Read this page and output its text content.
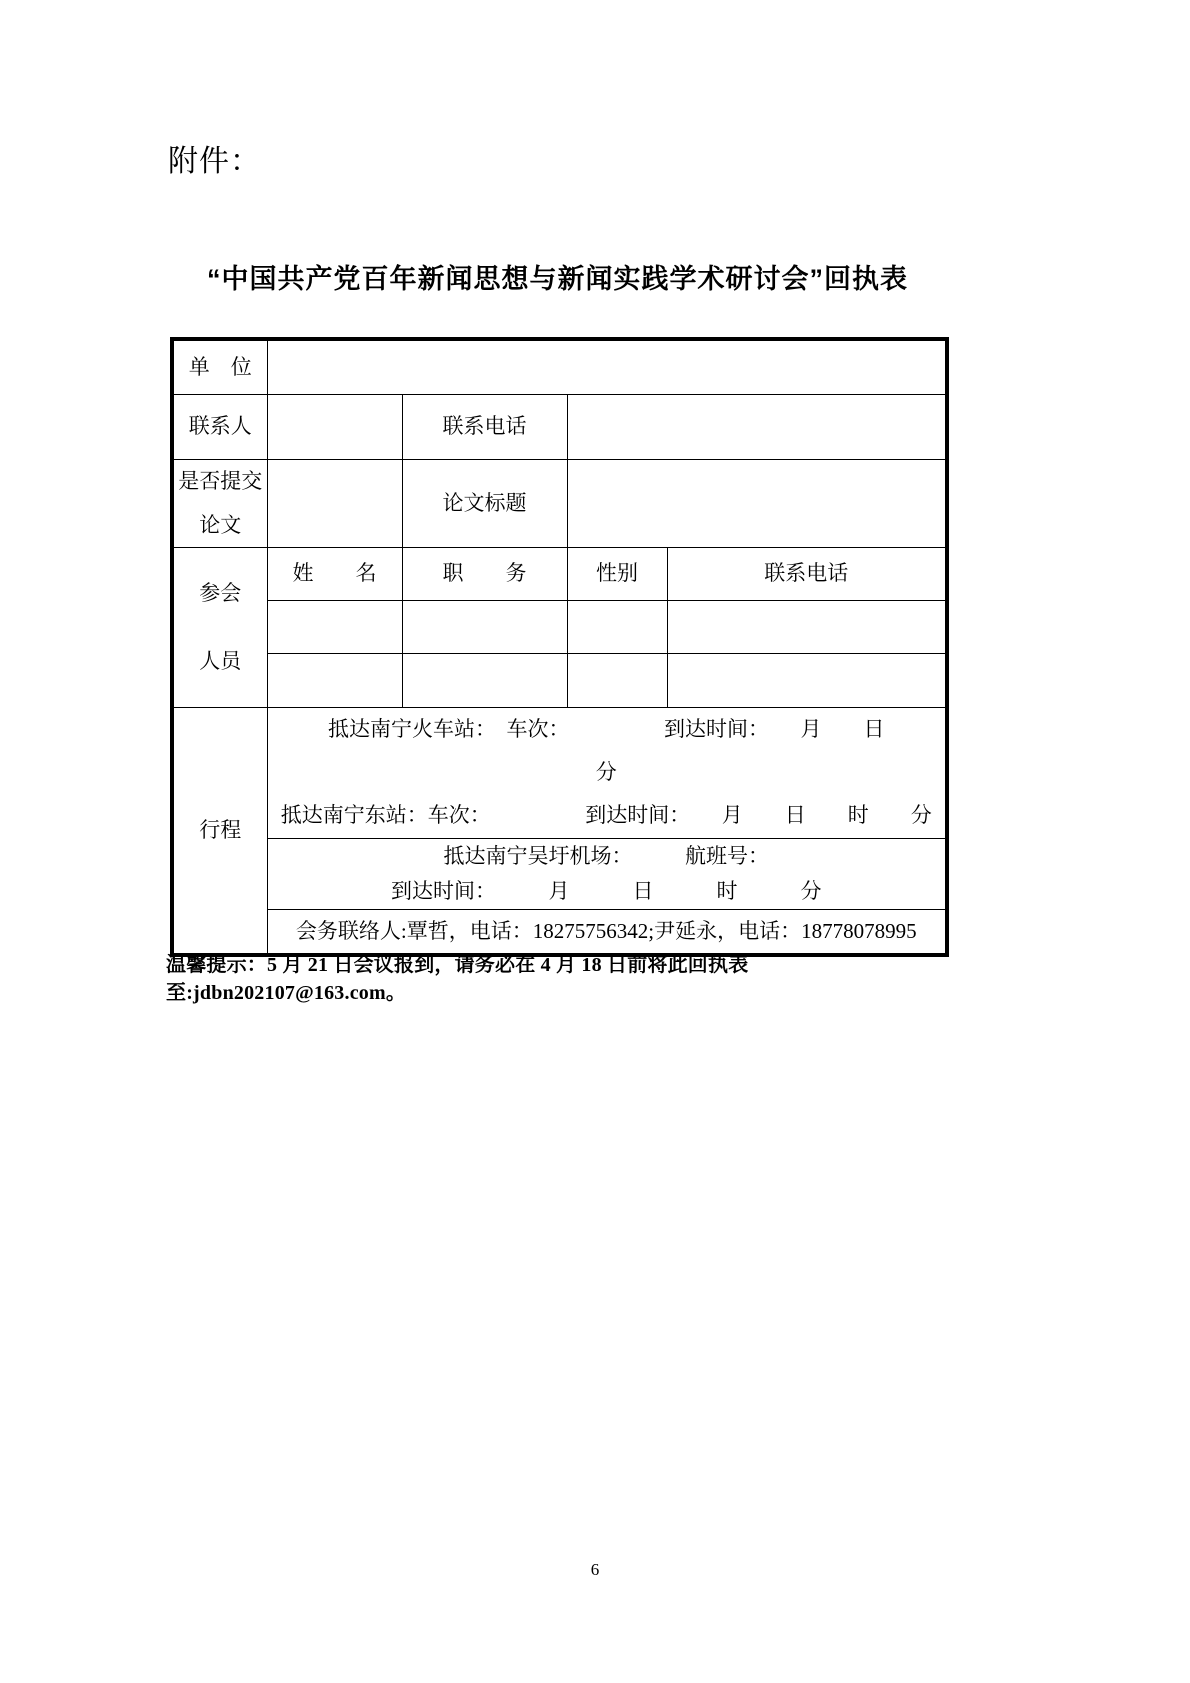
附件：
“中国共产党百年新闻思想与新闻实践学术研讨会”回执表
单　位				
联系人		联系电话		

是否提交
论文		论文标题		

参会
人员	姓　　名	职　　务	性别	联系电话

行程	抵达南宁火车站：　车次：　　　　　到达时间：　　月　　日
分
抵达南宁东站：车次：　　　　　到达时间：　　月　　日　　时　　分			

	抵达南宁吴圩机场：　　　航班号：
到达时间：　　　月　　　日　　　时　　　分			

	会务联络人:覃哲，电话：18275756342;尹延永，电话：18778078995			
温馨提示：5 月 21 日会议报到，请务必在 4 月 18 日前将此回执表至:jdbn202107@163.com。
6
